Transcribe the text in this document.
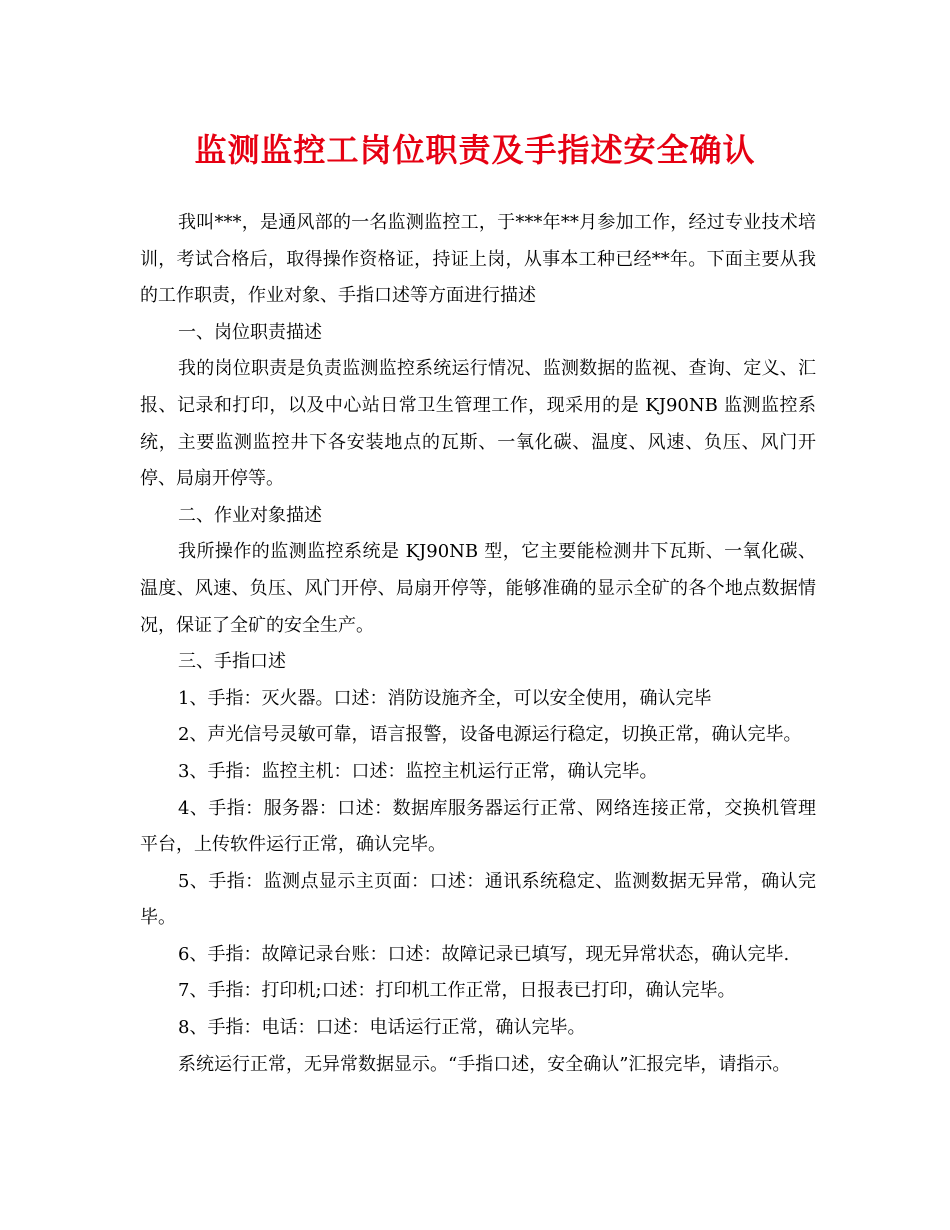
监测监控工岗位职责及手指述安全确认

我叫***，是通风部的一名监测监控工，于***年**月参加工作，经过专业技术培训，考试合格后，取得操作资格证，持证上岗，从事本工种已经**年。下面主要从我的工作职责，作业对象、手指口述等方面进行描述

一、岗位职责描述

我的岗位职责是负责监测监控系统运行情况、监测数据的监视、查询、定义、汇报、记录和打印，以及中心站日常卫生管理工作，现采用的是 KJ90NB 监测监控系统，主要监测监控井下各安装地点的瓦斯、一氧化碳、温度、风速、负压、风门开停、局扇开停等。

二、作业对象描述

我所操作的监测监控系统是 KJ90NB 型，它主要能检测井下瓦斯、一氧化碳、温度、风速、负压、风门开停、局扇开停等，能够准确的显示全矿的各个地点数据情况，保证了全矿的安全生产。

三、手指口述

1、手指：灭火器。口述：消防设施齐全，可以安全使用，确认完毕

2、声光信号灵敏可靠，语言报警，设备电源运行稳定，切换正常，确认完毕。

3、手指：监控主机：口述：监控主机运行正常，确认完毕。

4、手指：服务器：口述：数据库服务器运行正常、网络连接正常，交换机管理平台，上传软件运行正常，确认完毕。

5、手指：监测点显示主页面：口述：通讯系统稳定、监测数据无异常，确认完毕。

6、手指：故障记录台账：口述：故障记录已填写，现无异常状态，确认完毕.

7、手指：打印机;口述：打印机工作正常，日报表已打印，确认完毕。

8、手指：电话：口述：电话运行正常，确认完毕。

系统运行正常，无异常数据显示。“手指口述，安全确认”汇报完毕，请指示。
